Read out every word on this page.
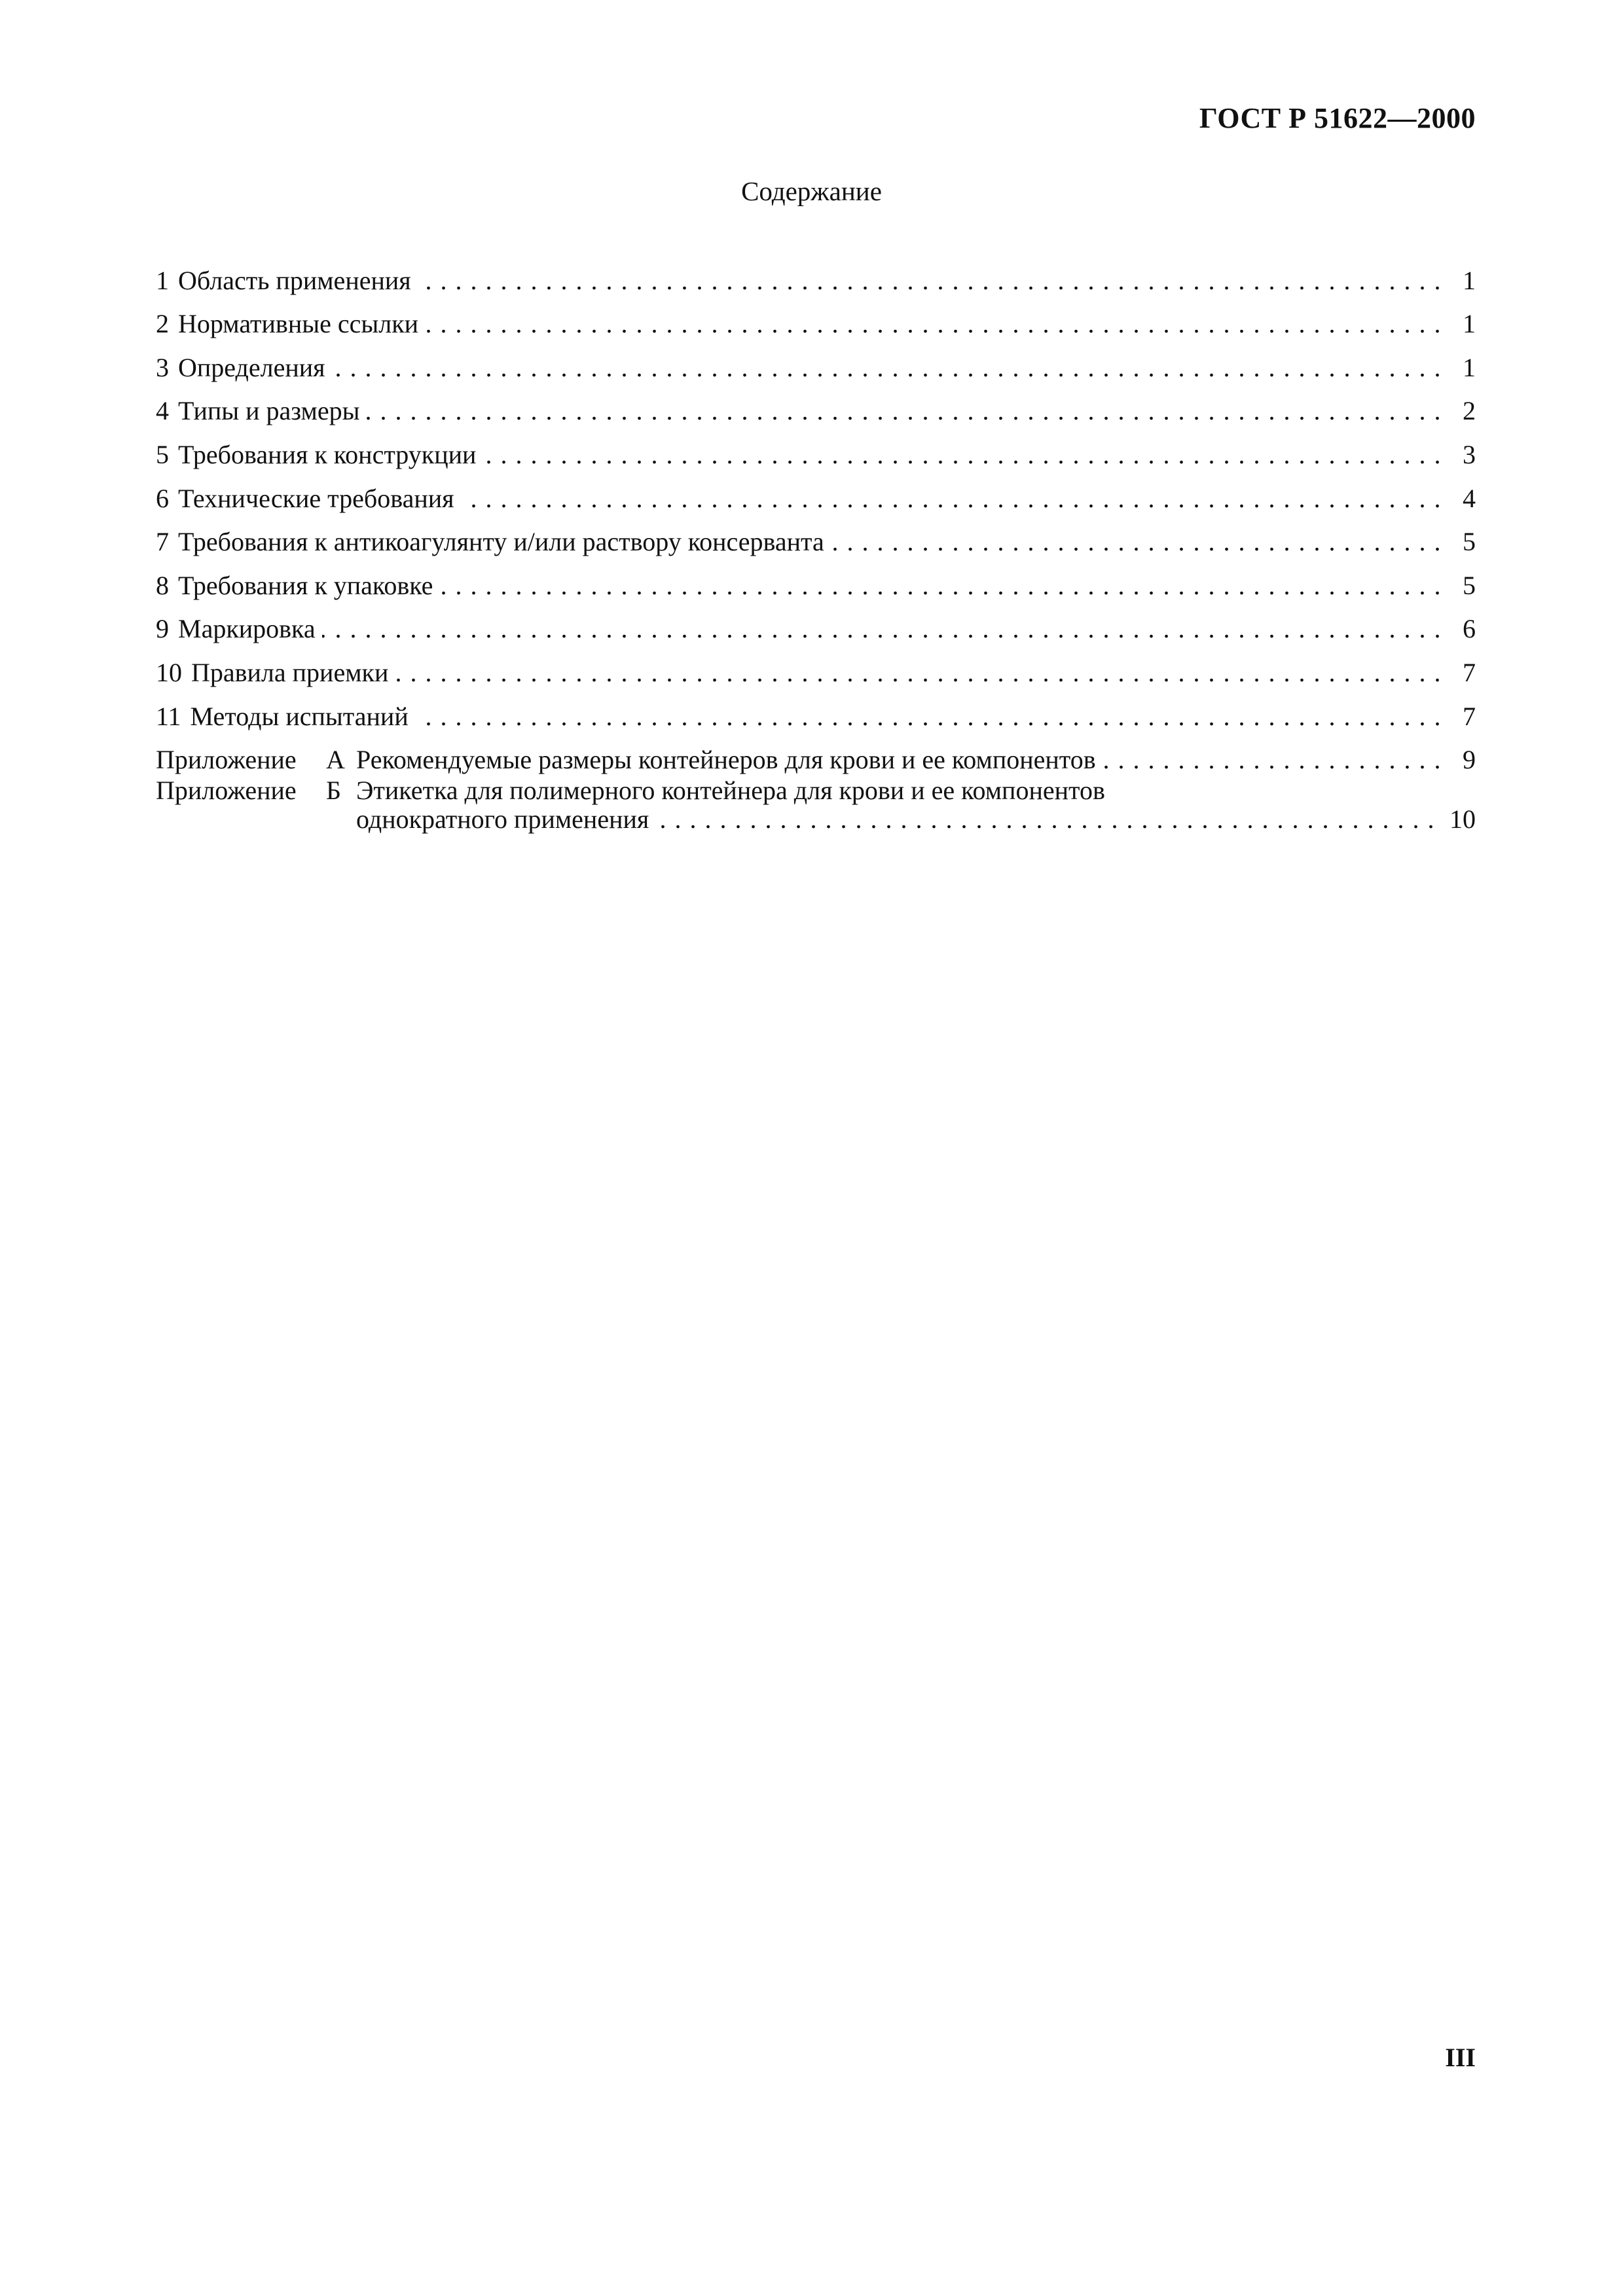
ГОСТ Р 51622—2000
Содержание
1 Область применения . . .	1
2 Нормативные ссылки . . .	1
3 Определения . . .	1
4 Типы и размеры . . .	2
5 Требования к конструкции . . .	3
6 Технические требования . . .	4
7 Требования к антикоагулянту и/или раствору консерванта . . .	5
8 Требования к упаковке . . .	5
9 Маркировка . . .	6
10 Правила приемки . . .	7
11 Методы испытаний . . .	7
Приложение	А Рекомендуемые размеры контейнеров для крови и ее компонентов . . .	9
Приложение	Б Этикетка для полимерного контейнера для крови и ее компонентов
однократного применения . . .	10
III
